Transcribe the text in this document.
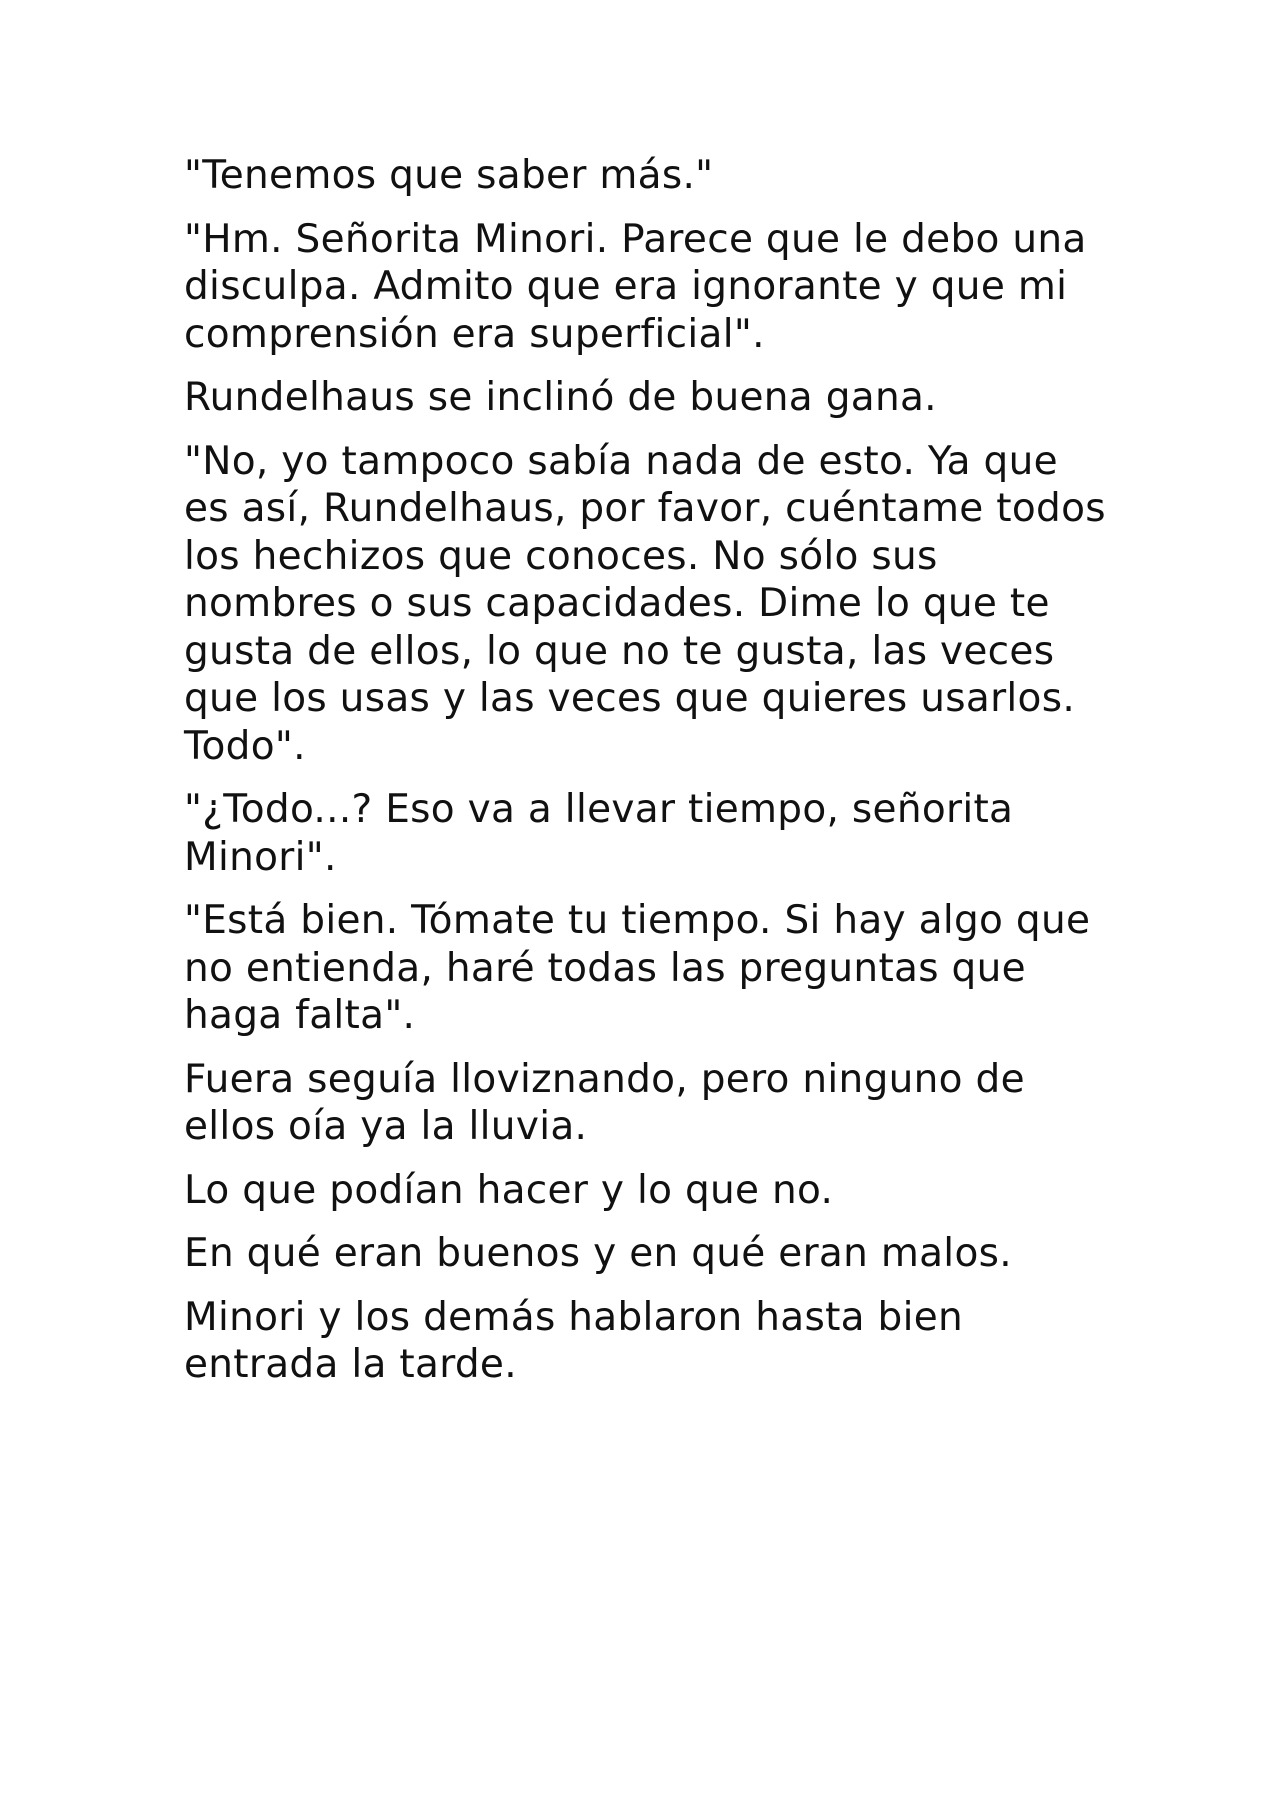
"Tenemos que saber más."

"Hm. Señorita Minori. Parece que le debo una disculpa. Admito que era ignorante y que mi comprensión era superficial".

Rundelhaus se inclinó de buena gana.

"No, yo tampoco sabía nada de esto. Ya que es así, Rundelhaus, por favor, cuéntame todos los hechizos que conoces. No sólo sus nombres o sus capacidades. Dime lo que te gusta de ellos, lo que no te gusta, las veces que los usas y las veces que quieres usarlos. Todo".

"¿Todo...? Eso va a llevar tiempo, señorita Minori".

"Está bien. Tómate tu tiempo. Si hay algo que no entienda, haré todas las preguntas que haga falta".

Fuera seguía lloviznando, pero ninguno de ellos oía ya la lluvia.

Lo que podían hacer y lo que no.

En qué eran buenos y en qué eran malos.

Minori y los demás hablaron hasta bien entrada la tarde.
